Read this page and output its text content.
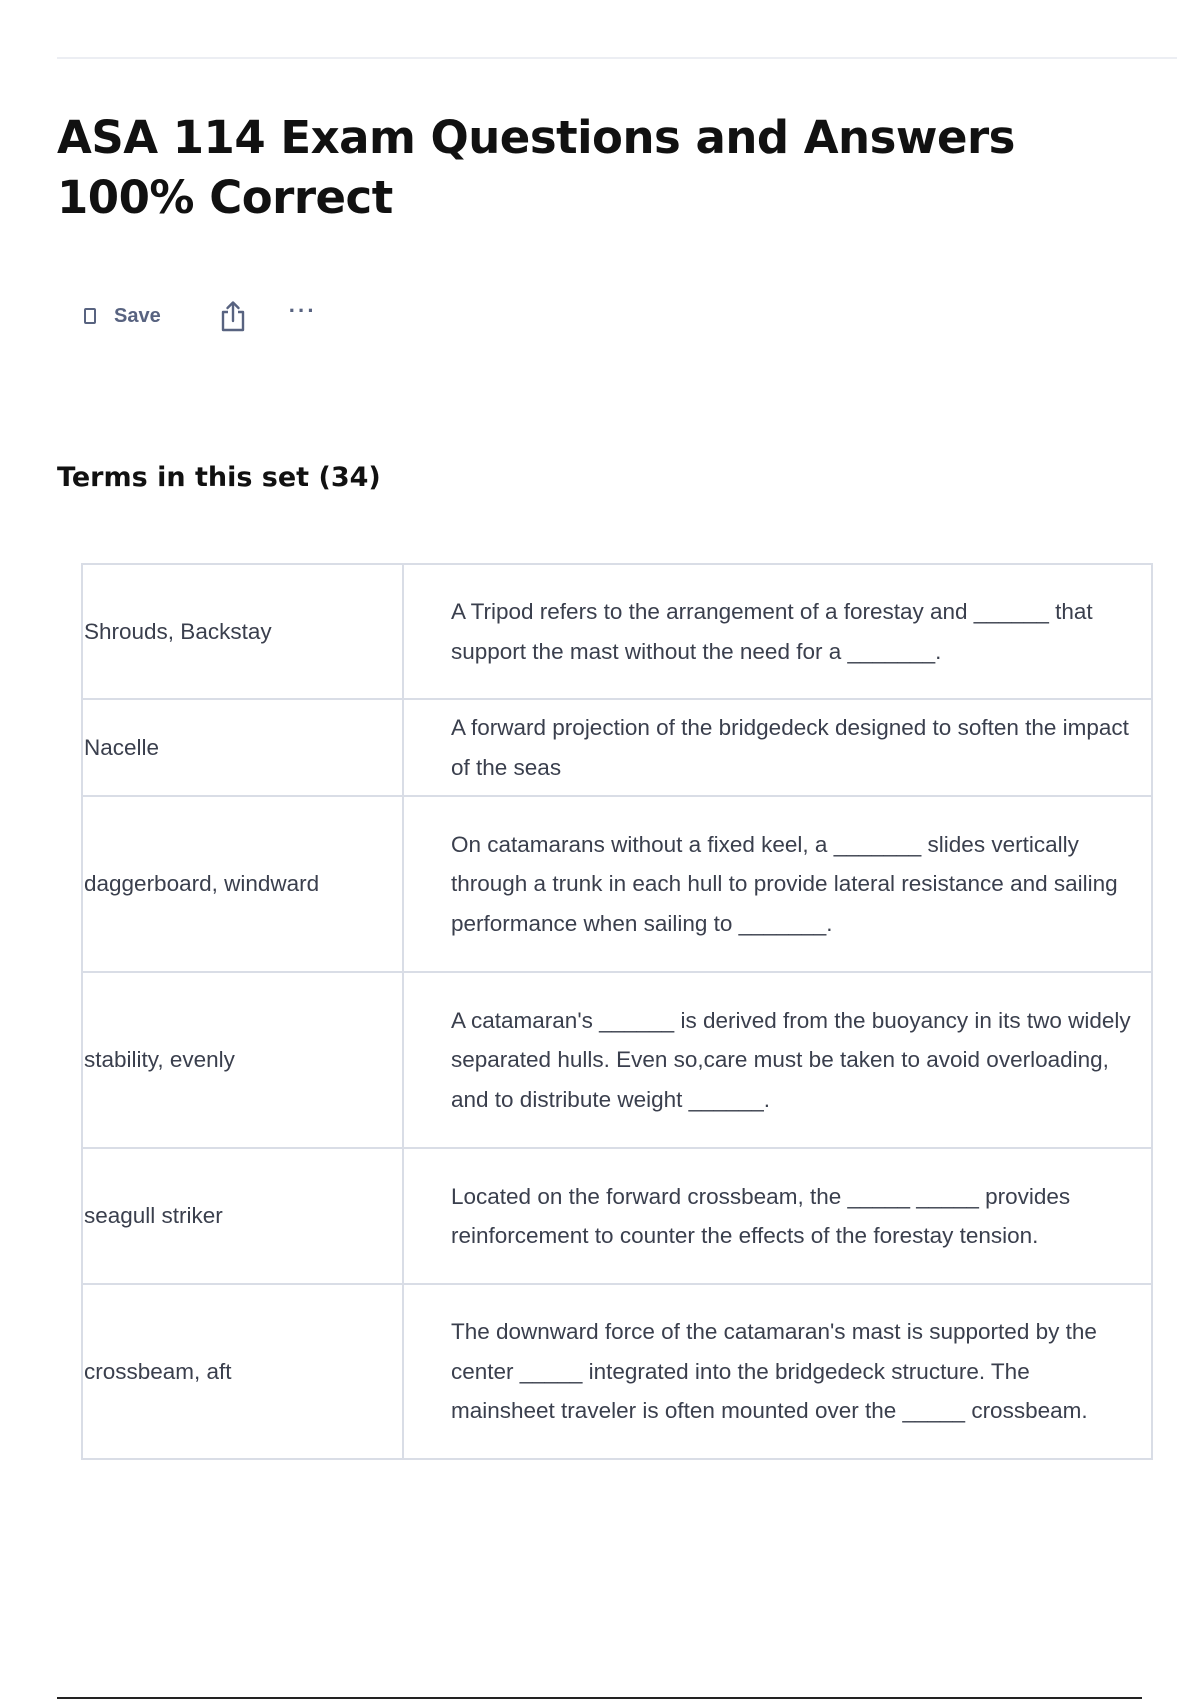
ASA 114 Exam Questions and Answers 100% Correct
Save	···
Terms in this set (34)
Shrouds, Backstay	A Tripod refers to the arrangement of a forestay and ______ that support the mast without the need for a _______.
Nacelle	A forward projection of the bridgedeck designed to soften the impact of the seas
daggerboard, windward	On catamarans without a fixed keel, a _______ slides vertically through a trunk in each hull to provide lateral resistance and sailing performance when sailing to _______.
stability, evenly	A catamaran's ______ is derived from the buoyancy in its two widely separated hulls. Even so,care must be taken to avoid overloading, and to distribute weight ______.
seagull striker	Located on the forward crossbeam, the _____ _____ provides reinforcement to counter the effects of the forestay tension.
crossbeam, aft	The downward force of the catamaran's mast is supported by the center _____ integrated into the bridgedeck structure. The mainsheet traveler is often mounted over the _____ crossbeam.
